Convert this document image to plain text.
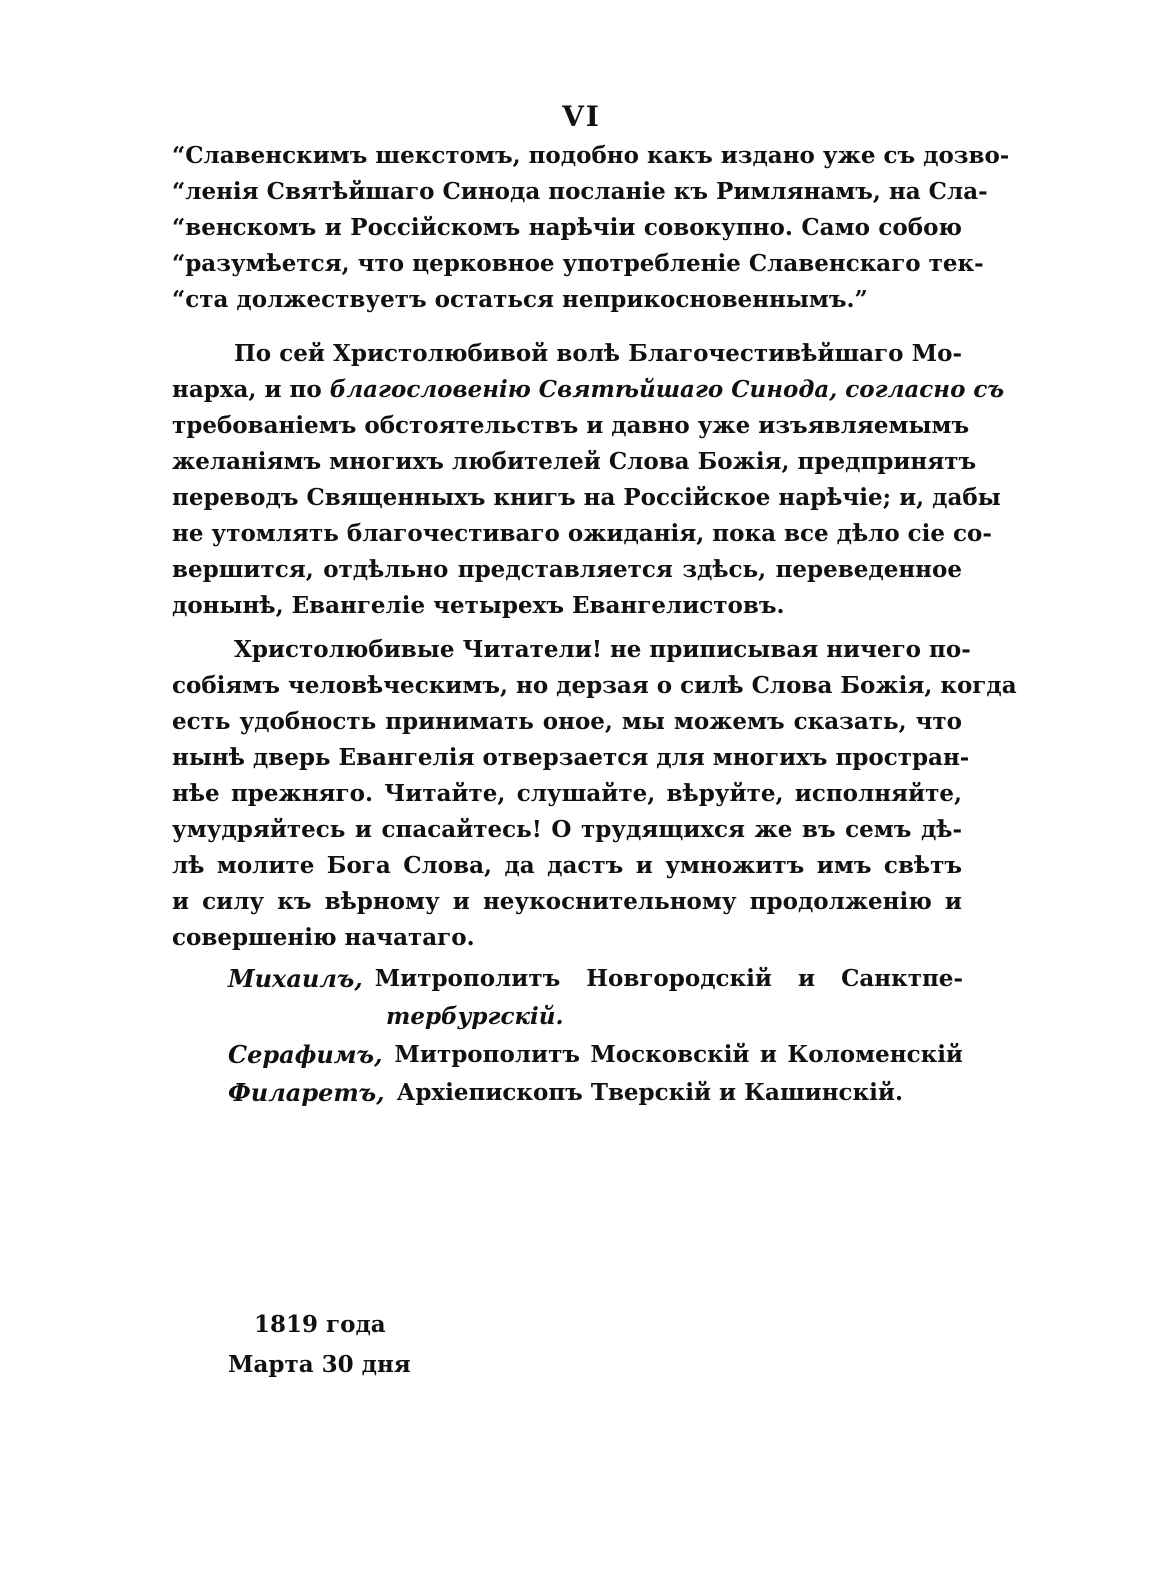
VI
“Славенскимъ шекстомъ, подобно какъ издано уже съ дозво-
“ленія Святѣйшаго Синода посланіе къ Римлянамъ, на Сла-
“венскомъ и Россійскомъ нарѣчіи совокупно. Само собою
“разумѣется, что церковное употребленіе Славенскаго тек-
“ста должествуетъ остаться неприкосновеннымъ.”
По сей Христолюбивой волѣ Благочестивѣйшаго Мо-
нарха, и по благословенію Святѣйшаго Синода, согласно съ
требованіемъ обстоятельствъ и давно уже изъявляемымъ
желаніямъ многихъ любителей Слова Божія, предпринятъ
переводъ Священныхъ книгъ на Россійское нарѣчіе; и, дабы
не утомлять благочестиваго ожиданія, пока все дѣло сіе со-
вершится, отдѣльно представляется здѣсь, переведенное
донынѣ, Евангеліе четырехъ Евангелистовъ.
Христолюбивые Читатели! не приписывая ничего по-
собіямъ человѣческимъ, но дерзая о силѣ Слова Божія, когда
есть удобность принимать оное, мы можемъ сказать, что
нынѣ дверь Евангелія отверзается для многихъ простран-
нѣе прежняго. Читайте, слушайте, вѣруйте, исполняйте,
умудряйтесь и спасайтесь! О трудящихся же въ семъ дѣ-
лѣ молите Бога Слова, да дастъ и умножитъ имъ свѣтъ
и силу къ вѣрному и неукоснительному продолженію и
совершенію начатаго.
Михаилъ, Митрополитъ Новгородскій и Санктпе-
тербургскій.
Серафимъ, Митрополитъ Московскій и Коломенскій
Филаретъ, Архіепископъ Тверскій и Кашинскій.
1819 года
Марта 30 дня
